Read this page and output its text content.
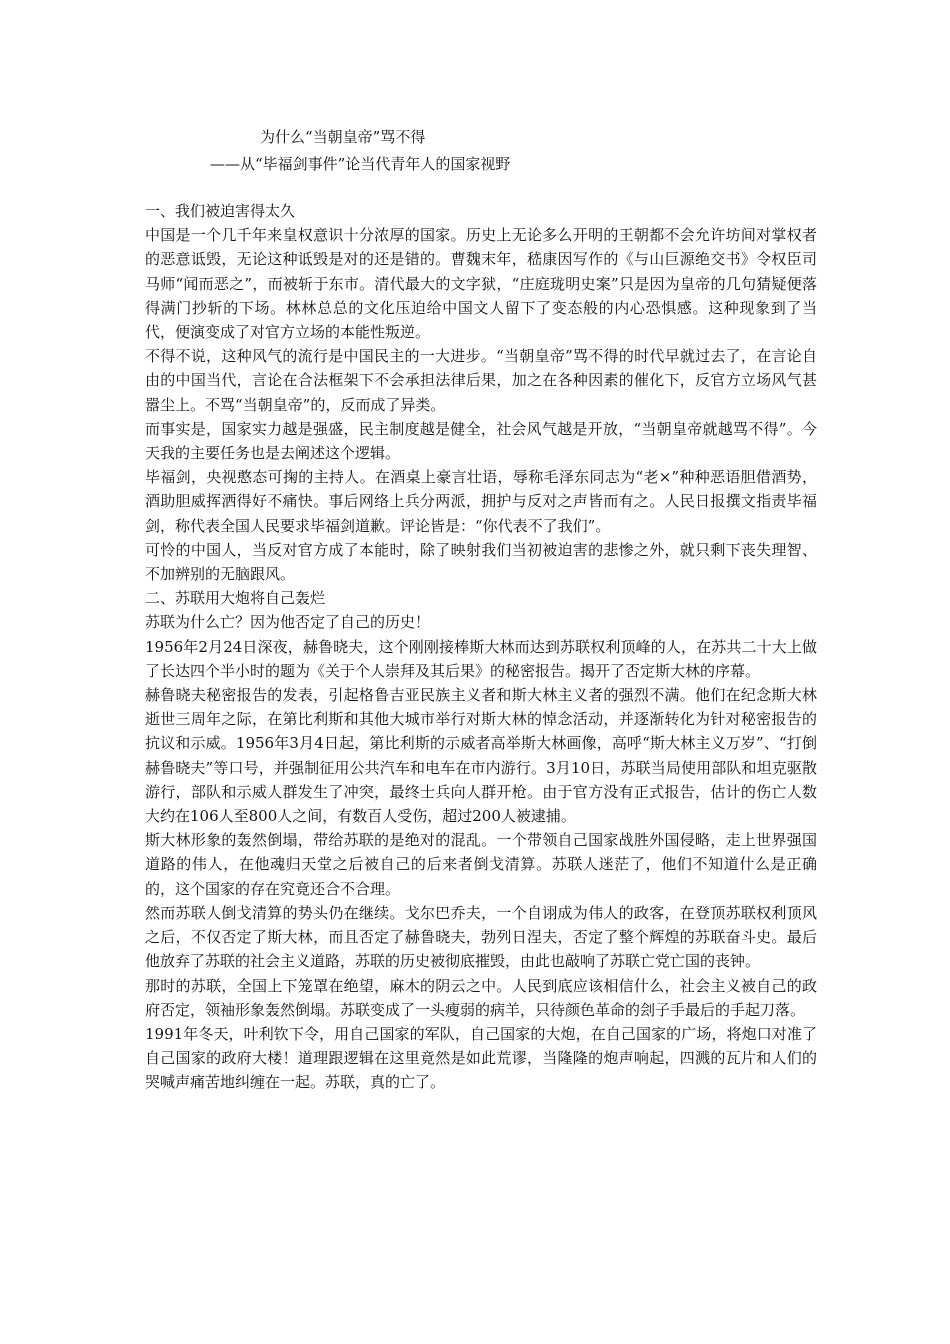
为什么“当朝皇帝”骂不得
——从“毕福剑事件”论当代青年人的国家视野

一、我们被迫害得太久

中国是一个几千年来皇权意识十分浓厚的国家。历史上无论多么开明的王朝都不会允许坊间对掌权者的恶意诋毁，无论这种诋毁是对的还是错的。曹魏末年，嵇康因写作的《与山巨源绝交书》令权臣司马师“闻而恶之”，而被斩于东市。清代最大的文字狱，“庄庭珑明史案”只是因为皇帝的几句猜疑便落得满门抄斩的下场。林林总总的文化压迫给中国文人留下了变态般的内心恐惧感。这种现象到了当代，便演变成了对官方立场的本能性叛逆。

不得不说，这种风气的流行是中国民主的一大进步。“当朝皇帝”骂不得的时代早就过去了，在言论自由的中国当代，言论在合法框架下不会承担法律后果，加之在各种因素的催化下，反官方立场风气甚嚣尘上。不骂“当朝皇帝”的，反而成了异类。

而事实是，国家实力越是强盛，民主制度越是健全，社会风气越是开放，“当朝皇帝就越骂不得”。今天我的主要任务也是去阐述这个逻辑。

毕福剑，央视憨态可掬的主持人。在酒桌上豪言壮语，辱称毛泽东同志为“老×”种种恶语胆借酒势，酒助胆威挥洒得好不痛快。事后网络上兵分两派，拥护与反对之声皆而有之。人民日报撰文指责毕福剑，称代表全国人民要求毕福剑道歉。评论皆是：“你代表不了我们”。

可怜的中国人，当反对官方成了本能时，除了映射我们当初被迫害的悲惨之外，就只剩下丧失理智、不加辨别的无脑跟风。

二、苏联用大炮将自己轰烂

苏联为什么亡？因为他否定了自己的历史！

1956年2月24日深夜，赫鲁晓夫，这个刚刚接棒斯大林而达到苏联权利顶峰的人，在苏共二十大上做了长达四个半小时的题为《关于个人崇拜及其后果》的秘密报告。揭开了否定斯大林的序幕。

赫鲁晓夫秘密报告的发表，引起格鲁吉亚民族主义者和斯大林主义者的强烈不满。他们在纪念斯大林逝世三周年之际，在第比利斯和其他大城市举行对斯大林的悼念活动，并逐渐转化为针对秘密报告的抗议和示威。1956年3月4日起，第比利斯的示威者高举斯大林画像，高呼“斯大林主义万岁”、“打倒赫鲁晓夫”等口号，并强制征用公共汽车和电车在市内游行。3月10日，苏联当局使用部队和坦克驱散游行，部队和示威人群发生了冲突，最终士兵向人群开枪。由于官方没有正式报告，估计的伤亡人数大约在106人至800人之间，有数百人受伤，超过200人被逮捕。

斯大林形象的轰然倒塌，带给苏联的是绝对的混乱。一个带领自己国家战胜外国侵略，走上世界强国道路的伟人，在他魂归天堂之后被自己的后来者倒戈清算。苏联人迷茫了，他们不知道什么是正确的，这个国家的存在究竟还合不合理。

然而苏联人倒戈清算的势头仍在继续。戈尔巴乔夫，一个自诩成为伟人的政客，在登顶苏联权利顶风之后，不仅否定了斯大林，而且否定了赫鲁晓夫，勃列日涅夫，否定了整个辉煌的苏联奋斗史。最后他放弃了苏联的社会主义道路，苏联的历史被彻底摧毁，由此也敲响了苏联亡党亡国的丧钟。

那时的苏联，全国上下笼罩在绝望，麻木的阴云之中。人民到底应该相信什么，社会主义被自己的政府否定，领袖形象轰然倒塌。苏联变成了一头瘦弱的病羊，只待颜色革命的刽子手最后的手起刀落。

1991年冬天，叶利钦下令，用自己国家的军队，自己国家的大炮，在自己国家的广场，将炮口对准了自己国家的政府大楼！道理跟逻辑在这里竟然是如此荒谬，当隆隆的炮声响起，四溅的瓦片和人们的哭喊声痛苦地纠缠在一起。苏联，真的亡了。
